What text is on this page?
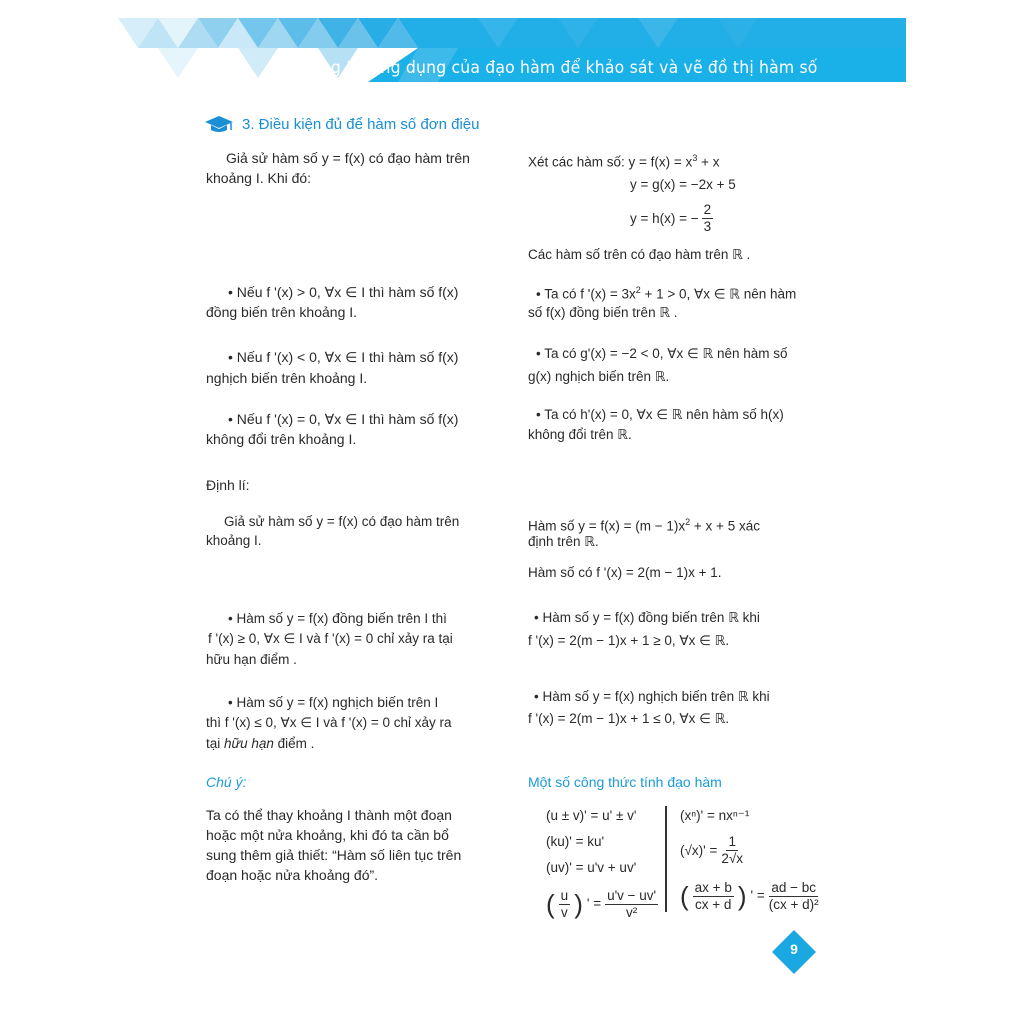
Chương 1: Ứng dụng của đạo hàm để khảo sát và vẽ đồ thị hàm số
3. Điều kiện đủ để hàm số đơn điệu
Giả sử hàm số y = f(x) có đạo hàm trên
khoảng I. Khi đó:
• Nếu f '(x) > 0, ∀x ∈ I thì hàm số f(x)
đồng biến trên khoảng I.
• Nếu f '(x) < 0, ∀x ∈ I thì hàm số f(x)
nghịch biến trên khoảng I.
• Nếu f '(x) = 0, ∀x ∈ I thì hàm số f(x)
không đổi trên khoảng I.
Định lí:
Giả sử hàm số y = f(x) có đạo hàm trên
khoảng I.
• Hàm số y = f(x) đồng biến trên I thì
f '(x) ≥ 0, ∀x ∈ I và f '(x) = 0 chỉ xảy ra tại
hữu hạn điểm .
• Hàm số y = f(x) nghịch biến trên I
thì f '(x) ≤ 0, ∀x ∈ I và f '(x) = 0 chỉ xảy ra
tại hữu hạn điểm .
Chú ý:
Ta có thể thay khoảng I thành một đoạn
hoặc một nửa khoảng, khi đó ta cần bổ
sung thêm giả thiết: “Hàm số liên tục trên
đoạn hoặc nửa khoảng đó”.
Xét các hàm số: $y = f(x) = x^3 + x$
y = g(x) = −2x + 5
y = h(x) = − $\frac{2}{3}$
Các hàm số trên có đạo hàm trên ℝ .
• Ta có f '$(x) = 3x^2 + 1 > 0$, ∀x ∈ ℝ nên hàm
số f(x) đồng biến trên ℝ .
• Ta có g'(x) = −2 < 0, ∀x ∈ ℝ nên hàm số
g(x) nghịch biến trên ℝ.
• Ta có h'(x) = 0, ∀x ∈ ℝ nên hàm số h(x)
không đổi trên ℝ.
Hàm số $y = f(x) = (m - 1)x^2 + x + 5$ xác
định trên ℝ.
Hàm số có f '(x) = 2(m − 1)x + 1.
• Hàm số y = f(x) đồng biến trên ℝ khi
f '(x) = 2(m − 1)x + 1 ≥ 0, ∀x ∈ ℝ.
• Hàm số y = f(x) nghịch biến trên ℝ khi
f '(x) = 2(m − 1)x + 1 ≤ 0, ∀x ∈ ℝ.
Một số công thức tính đạo hàm
(u ± v)' = u' ± v'
(ku)' = ku'
(uv)' = u'v + uv'
( $\frac{u}{v}$ ) ' = $\frac{u'v - uv'}{\text{v²}}$
(xⁿ)' = nxⁿ⁻¹
$(√x)' = \frac{1}{2√x}$
( $\frac{ax + b}{cx + d}$ ) ' = $\frac{ad - bc}{\text{(cx + d)²}}$
9
